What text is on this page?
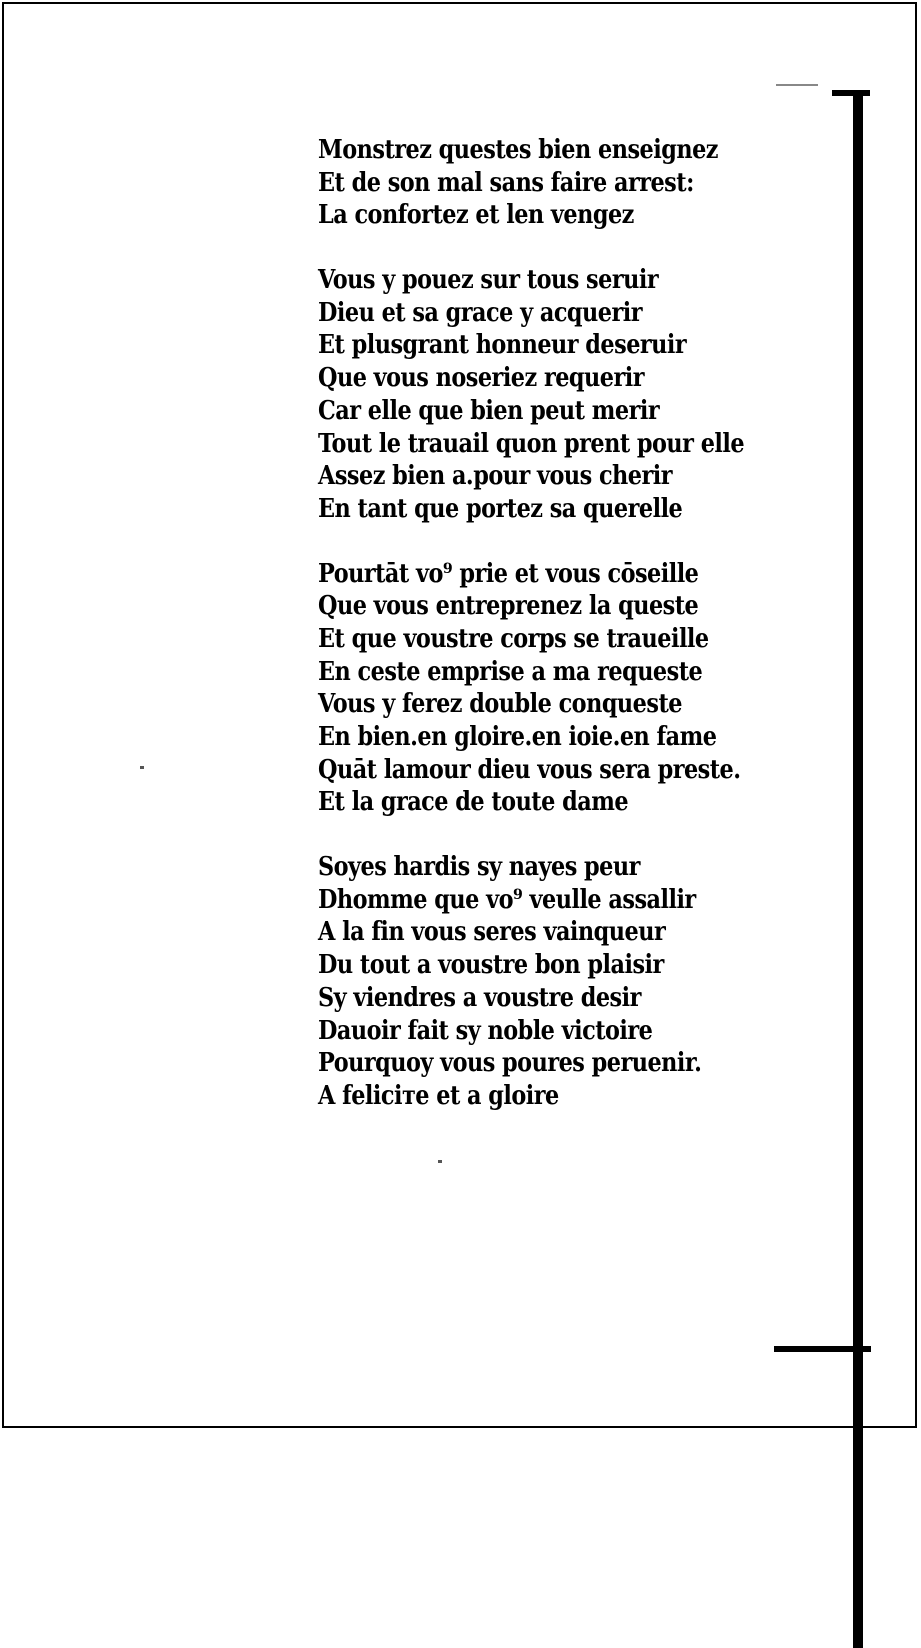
Monstrez questes bien enseignez
Et de son mal sans faire arrest:
La confortez et len vengez
Vous y pouez sur tous seruir
Dieu et sa grace y acquerir
Et plusgrant honneur deseruir
Que vous noseriez requerir
Car elle que bien peut merir
Tout le trauail quon prent pour elle
Assez bien a.pour vous cherir
En tant que portez sa querelle
Pourtāt vo⁹ prie et vous cōseille
Que vous entreprenez la queste
Et que voustre corps se traueille
En ceste emprise a ma requeste
Vous y ferez double conqueste
En bien.en gloire.en ioie.en fame
Quāt lamour dieu vous sera preste.
Et la grace de toute dame
Soyes hardis sy nayes peur
Dhomme que vo⁹ veulle assallir
A la fin vous seres vainqueur
Du tout a voustre bon plaisir
Sy viendres a voustre desir
Dauoir fait sy noble victoire
Pourquoy vous poures peruenir.
A feliciте et a gloire
